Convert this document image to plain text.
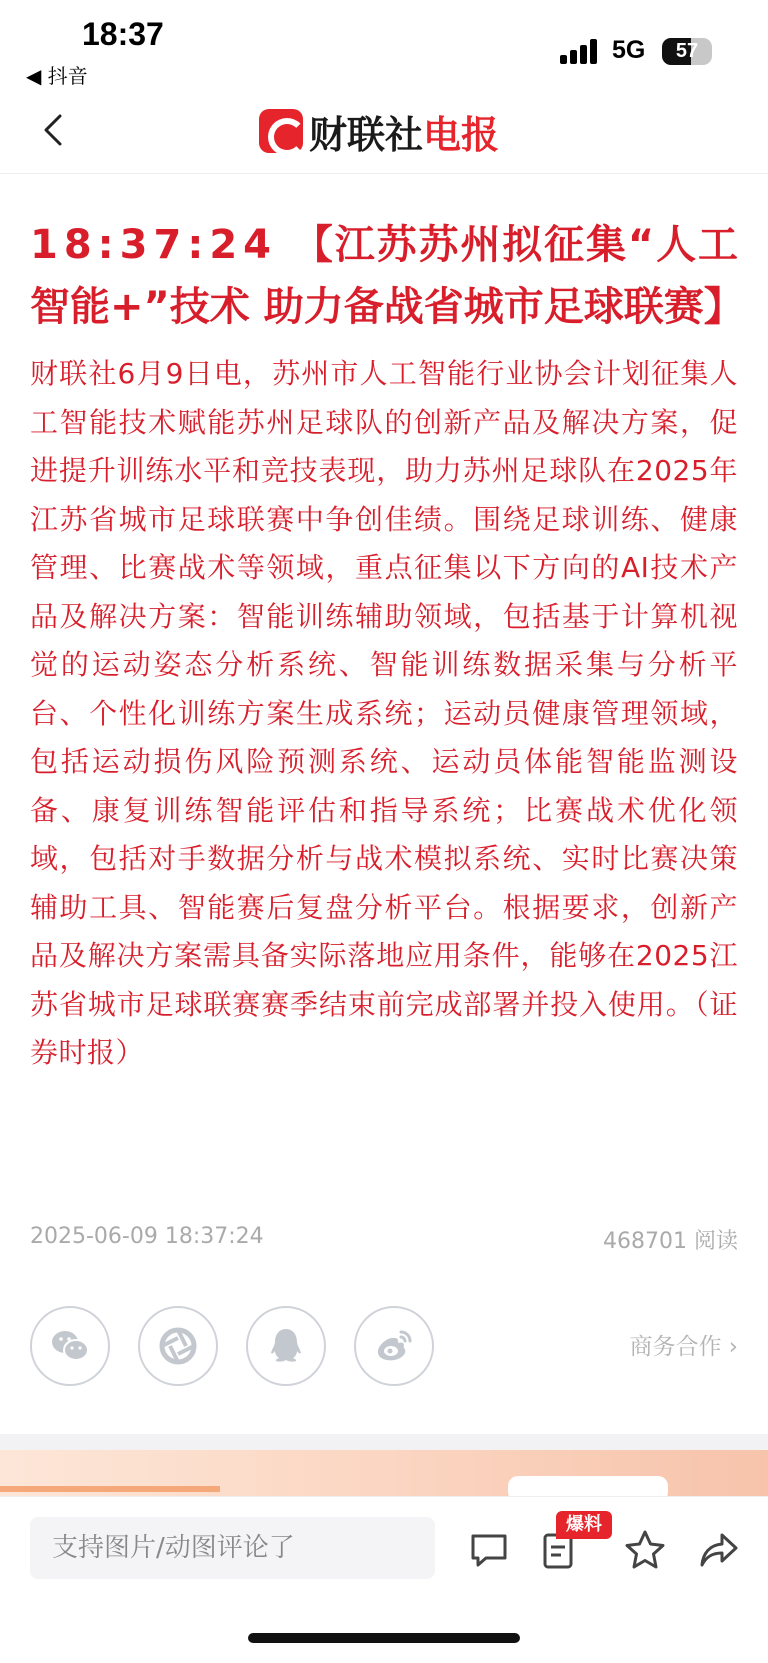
18:37
◀ 抖音
5G	57
财联社 电报
18:37:24 【江苏苏州拟征集“人工智能+”技术 助力备战省城市足球联赛】
财联社6月9日电，苏州市人工智能行业协会计划征集人工智能技术赋能苏州足球队的创新产品及解决方案，促进提升训练水平和竞技表现，助力苏州足球队在2025年江苏省城市足球联赛中争创佳绩。围绕足球训练、健康管理、比赛战术等领域，重点征集以下方向的AI技术产品及解决方案：智能训练辅助领域，包括基于计算机视觉的运动姿态分析系统、智能训练数据采集与分析平台、个性化训练方案生成系统；运动员健康管理领域，包括运动损伤风险预测系统、运动员体能智能监测设备、康复训练智能评估和指导系统；比赛战术优化领域，包括对手数据分析与战术模拟系统、实时比赛决策辅助工具、智能赛后复盘分析平台。根据要求，创新产品及解决方案需具备实际落地应用条件，能够在2025江苏省城市足球联赛赛季结束前完成部署并投入使用。（证券时报）
2025-06-09 18:37:24	468701 阅读
商务合作 ›
支持图片/动图评论了
爆料
